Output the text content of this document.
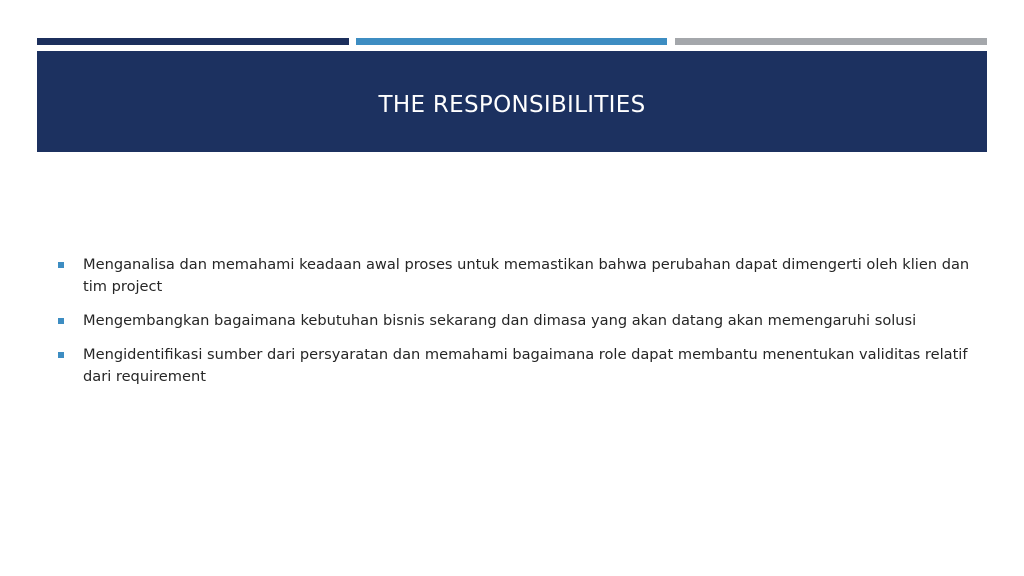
THE RESPONSIBILITIES
Menganalisa dan memahami keadaan awal proses untuk memastikan bahwa perubahan dapat dimengerti oleh klien dan tim project
Mengembangkan bagaimana kebutuhan bisnis sekarang dan dimasa yang akan datang akan memengaruhi solusi
Mengidentifikasi sumber dari persyaratan dan memahami bagaimana role dapat membantu menentukan validitas relatif dari requirement
